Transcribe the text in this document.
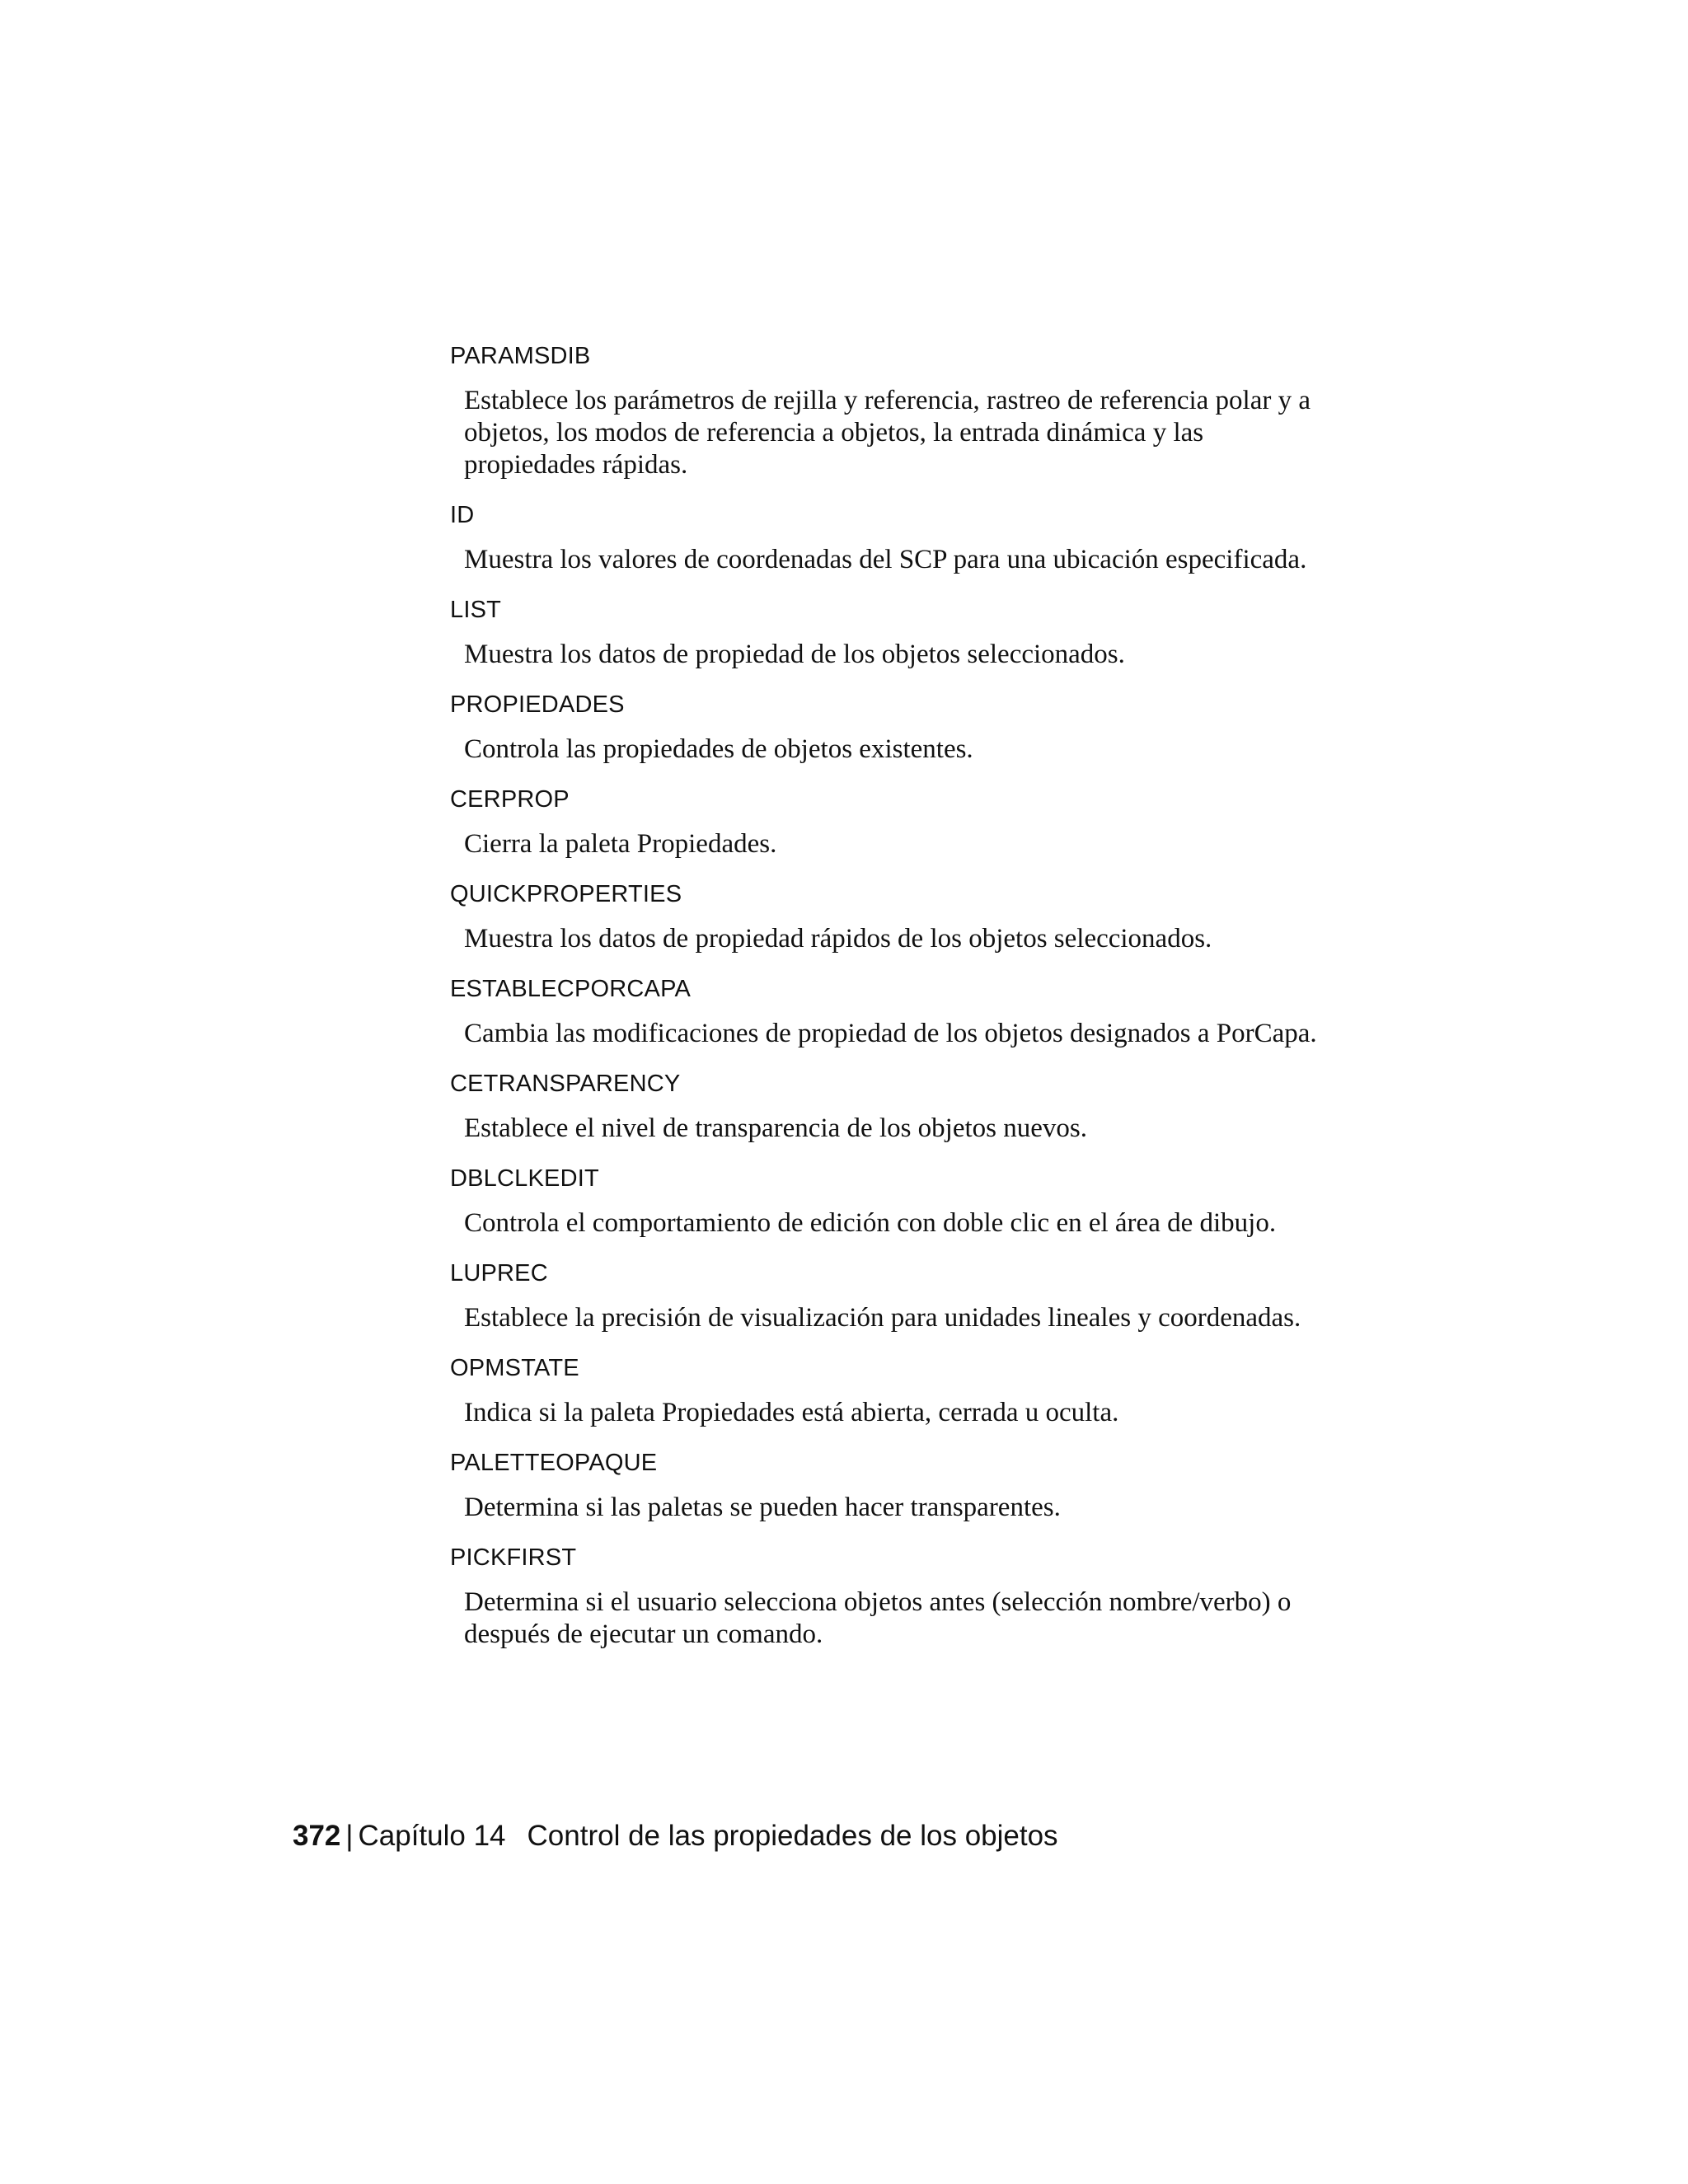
PARAMSDIB
Establece los parámetros de rejilla y referencia, rastreo de referencia polar y a objetos, los modos de referencia a objetos, la entrada dinámica y las propiedades rápidas.
ID
Muestra los valores de coordenadas del SCP para una ubicación especificada.
LIST
Muestra los datos de propiedad de los objetos seleccionados.
PROPIEDADES
Controla las propiedades de objetos existentes.
CERPROP
Cierra la paleta Propiedades.
QUICKPROPERTIES
Muestra los datos de propiedad rápidos de los objetos seleccionados.
ESTABLECPORCAPA
Cambia las modificaciones de propiedad de los objetos designados a PorCapa.
CETRANSPARENCY
Establece el nivel de transparencia de los objetos nuevos.
DBLCLKEDIT
Controla el comportamiento de edición con doble clic en el área de dibujo.
LUPREC
Establece la precisión de visualización para unidades lineales y coordenadas.
OPMSTATE
Indica si la paleta Propiedades está abierta, cerrada u oculta.
PALETTEOPAQUE
Determina si las paletas se pueden hacer transparentes.
PICKFIRST
Determina si el usuario selecciona objetos antes (selección nombre/verbo) o después de ejecutar un comando.
372 | Capítulo 14 Control de las propiedades de los objetos
